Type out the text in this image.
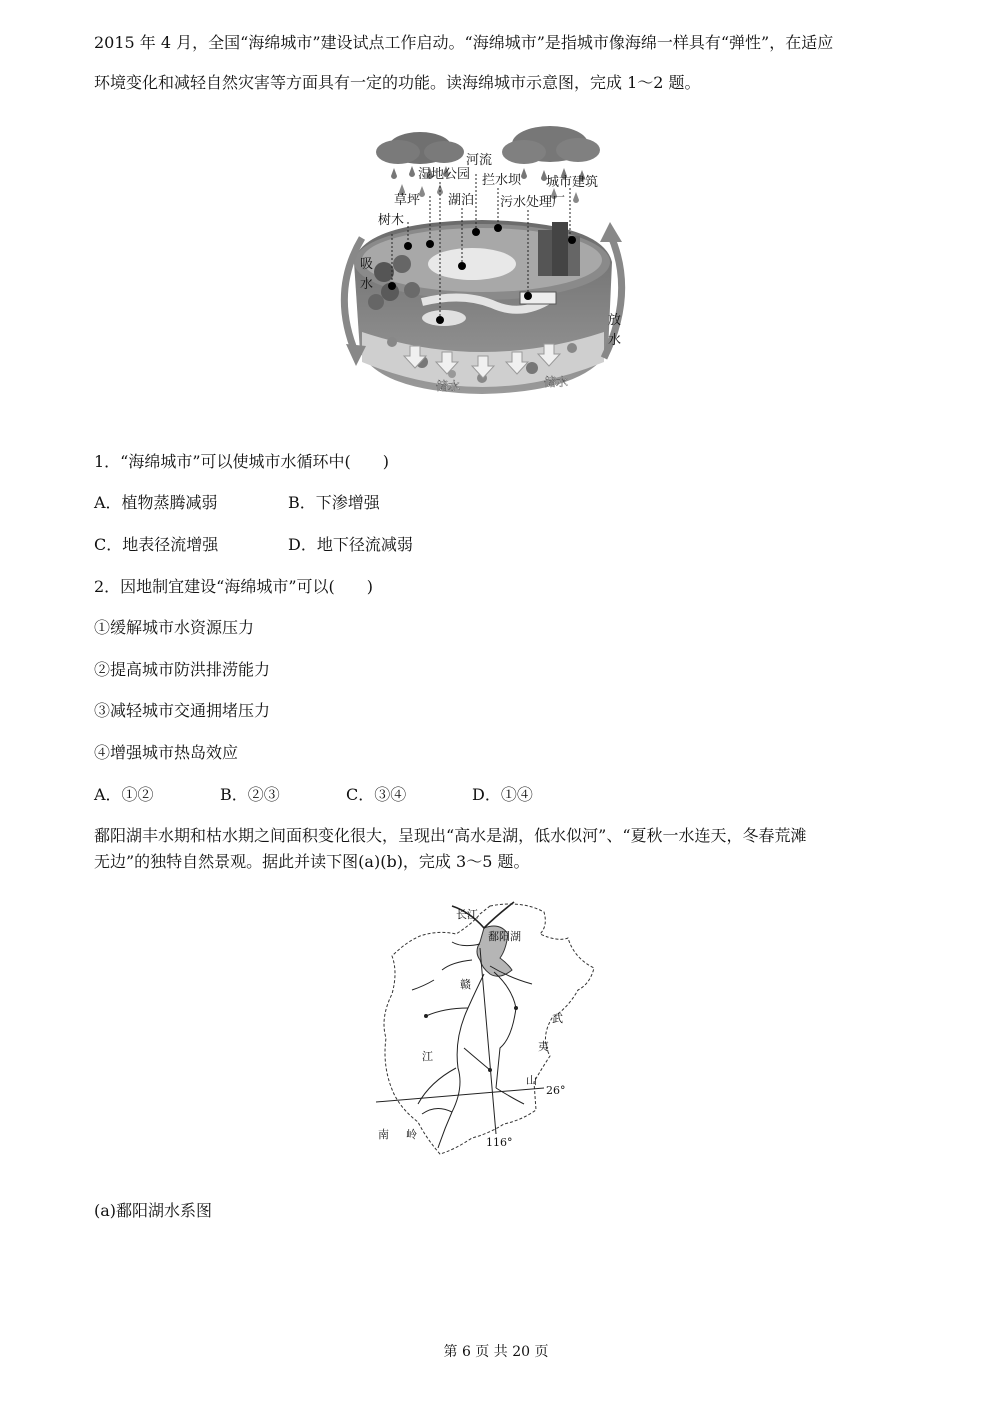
2015 年 4 月，全国“海绵城市”建设试点工作启动。“海绵城市”是指城市像海绵一样具有“弹性”，在适应
环境变化和减轻自然灾害等方面具有一定的功能。读海绵城市示意图，完成 1～2 题。
河流
湿地公园 拦水坝 城市建筑
草坪 湖泊 污水处理厂
树木
吸
水
放
水
储水	储水
1．“海绵城市”可以使城市水循环中(　　)
A．植物蒸腾减弱	B．下渗增强
C．地表径流增强	D．地下径流减弱
2．因地制宜建设“海绵城市”可以(　　)
①缓解城市水资源压力
②提高城市防洪排涝能力
③减轻城市交通拥堵压力
④增强城市热岛效应
A．①②	B．②③	C．③④	D．①④
鄱阳湖丰水期和枯水期之间面积变化很大，呈现出“高水是湖，低水似河”、“夏秋一水连天，冬春荒滩
无边”的独特自然景观。据此并读下图(a)(b)，完成 3～5 题。
长江
鄱阳湖
赣
江
武
夷
山
南 岭
26°
116°
(a)鄱阳湖水系图
第 6 页 共 20 页
